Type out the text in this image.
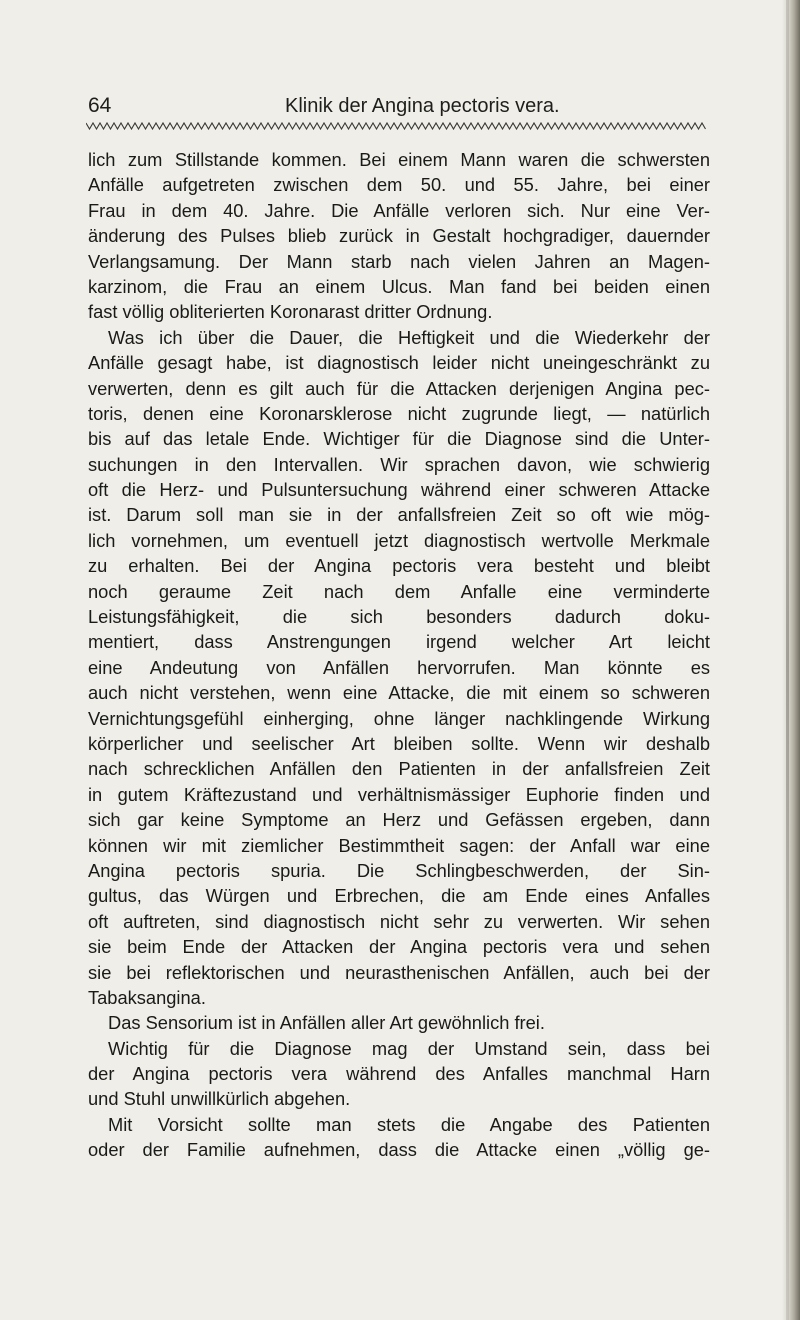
64	Klinik der Angina pectoris vera.
lich zum Stillstande kommen. Bei einem Mann waren die schwersten
Anfälle aufgetreten zwischen dem 50. und 55. Jahre, bei einer
Frau in dem 40. Jahre. Die Anfälle verloren sich. Nur eine Ver-
änderung des Pulses blieb zurück in Gestalt hochgradiger, dauernder
Verlangsamung. Der Mann starb nach vielen Jahren an Magen-
karzinom, die Frau an einem Ulcus. Man fand bei beiden einen
fast völlig obliterierten Koronarast dritter Ordnung.
Was ich über die Dauer, die Heftigkeit und die Wiederkehr der
Anfälle gesagt habe, ist diagnostisch leider nicht uneingeschränkt zu
verwerten, denn es gilt auch für die Attacken derjenigen Angina pec-
toris, denen eine Koronarsklerose nicht zugrunde liegt, — natürlich
bis auf das letale Ende. Wichtiger für die Diagnose sind die Unter-
suchungen in den Intervallen. Wir sprachen davon, wie schwierig
oft die Herz- und Pulsuntersuchung während einer schweren Attacke
ist. Darum soll man sie in der anfallsfreien Zeit so oft wie mög-
lich vornehmen, um eventuell jetzt diagnostisch wertvolle Merkmale
zu erhalten. Bei der Angina pectoris vera besteht und bleibt
noch geraume Zeit nach dem Anfalle eine verminderte
Leistungsfähigkeit, die sich besonders dadurch doku-
mentiert, dass Anstrengungen irgend welcher Art leicht
eine Andeutung von Anfällen hervorrufen. Man könnte es
auch nicht verstehen, wenn eine Attacke, die mit einem so schweren
Vernichtungsgefühl einherging, ohne länger nachklingende Wirkung
körperlicher und seelischer Art bleiben sollte. Wenn wir deshalb
nach schrecklichen Anfällen den Patienten in der anfallsfreien Zeit
in gutem Kräftezustand und verhältnismässiger Euphorie finden und
sich gar keine Symptome an Herz und Gefässen ergeben, dann
können wir mit ziemlicher Bestimmtheit sagen: der Anfall war eine
Angina pectoris spuria. Die Schlingbeschwerden, der Sin-
gultus, das Würgen und Erbrechen, die am Ende eines Anfalles
oft auftreten, sind diagnostisch nicht sehr zu verwerten. Wir sehen
sie beim Ende der Attacken der Angina pectoris vera und sehen
sie bei reflektorischen und neurasthenischen Anfällen, auch bei der
Tabaksangina.
Das Sensorium ist in Anfällen aller Art gewöhnlich frei.
Wichtig für die Diagnose mag der Umstand sein, dass bei
der Angina pectoris vera während des Anfalles manchmal Harn
und Stuhl unwillkürlich abgehen.
Mit Vorsicht sollte man stets die Angabe des Patienten
oder der Familie aufnehmen, dass die Attacke einen „völlig ge-
